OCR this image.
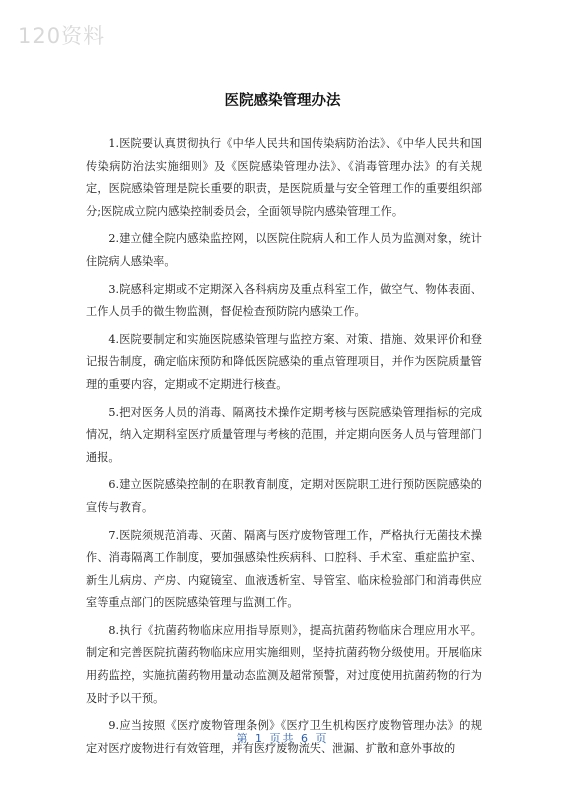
120资料
医院感染管理办法

1.医院要认真贯彻执行《中华人民共和国传染病防治法》、《中华人民共和国传染病防治法实施细则》及《医院感染管理办法》、《消毒管理办法》的有关规定，医院感染管理是院长重要的职责，是医院质量与安全管理工作的重要组织部分;医院成立院内感染控制委员会，全面领导院内感染管理工作。

2.建立健全院内感染监控网，以医院住院病人和工作人员为监测对象，统计住院病人感染率。

3.院感科定期或不定期深入各科病房及重点科室工作，做空气、物体表面、工作人员手的微生物监测，督促检查预防院内感染工作。

4.医院要制定和实施医院感染管理与监控方案、对策、措施、效果评价和登记报告制度，确定临床预防和降低医院感染的重点管理项目，并作为医院质量管理的重要内容，定期或不定期进行核查。

5.把对医务人员的消毒、隔离技术操作定期考核与医院感染管理指标的完成情况，纳入定期科室医疗质量管理与考核的范围，并定期向医务人员与管理部门通报。

6.建立医院感染控制的在职教育制度，定期对医院职工进行预防医院感染的宣传与教育。

7.医院须规范消毒、灭菌、隔离与医疗废物管理工作，严格执行无菌技术操作、消毒隔离工作制度，要加强感染性疾病科、口腔科、手术室、重症监护室、新生儿病房、产房、内窥镜室、血液透析室、导管室、临床检验部门和消毒供应室等重点部门的医院感染管理与监测工作。

8.执行《抗菌药物临床应用指导原则》，提高抗菌药物临床合理应用水平。制定和完善医院抗菌药物临床应用实施细则，坚持抗菌药物分级使用。开展临床用药监控，实施抗菌药物用量动态监测及超常预警，对过度使用抗菌药物的行为及时予以干预。

9.应当按照《医疗废物管理条例》《医疗卫生机构医疗废物管理办法》的规定对医疗废物进行有效管理，并有医疗废物流失、泄漏、扩散和意外事故的

第 1 页共 6 页
